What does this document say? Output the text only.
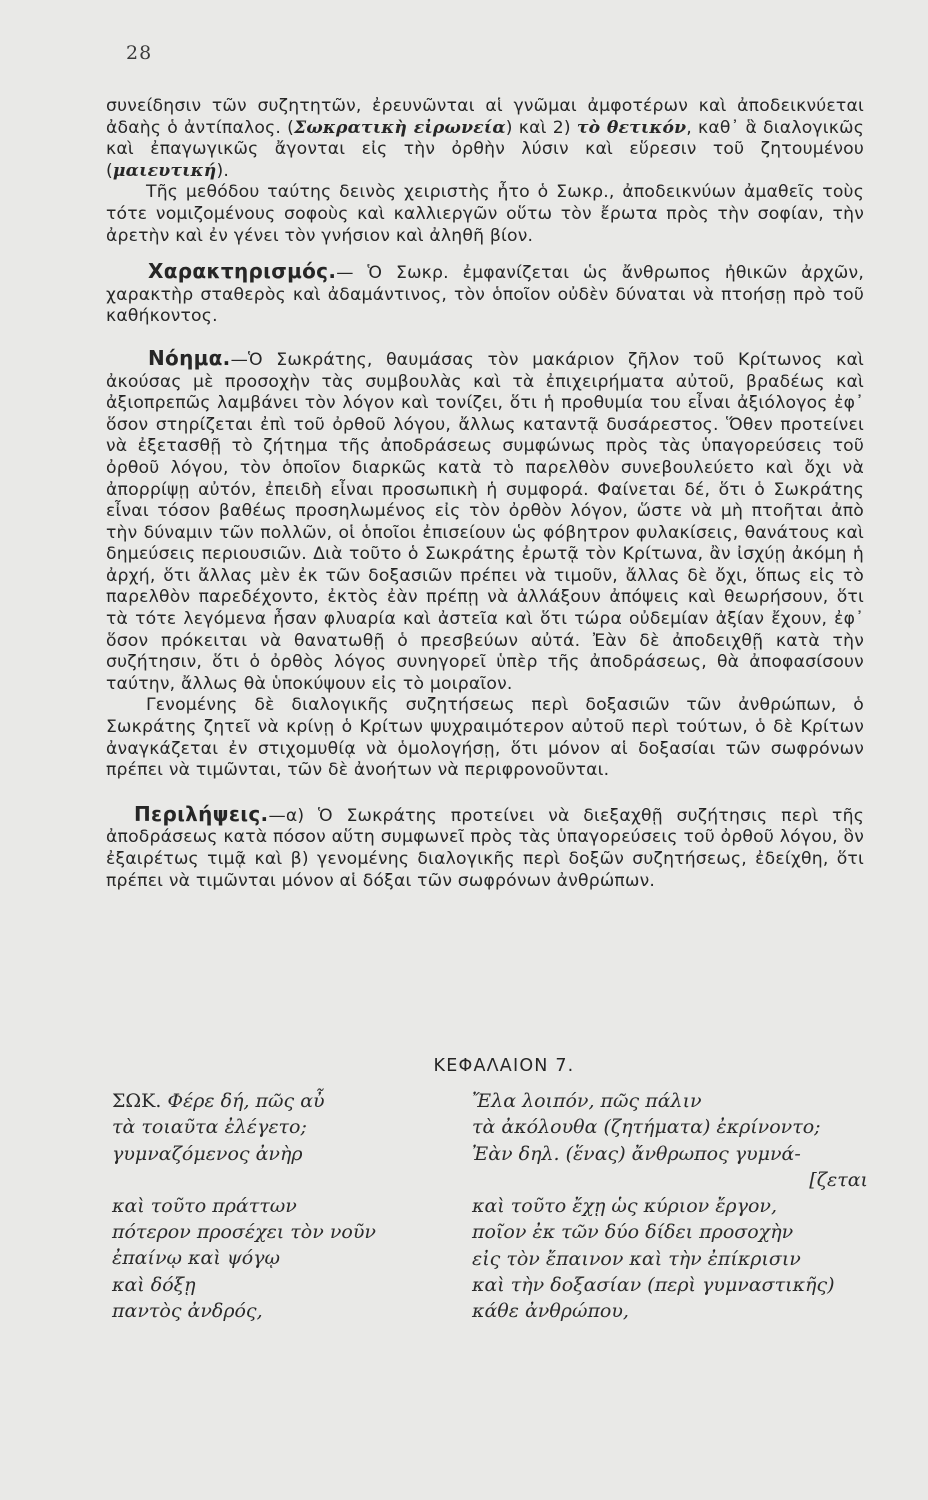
28

συνείδησιν τῶν συζητητῶν, ἐρευνῶνται αἱ γνῶμαι ἀμφοτέρων καὶ ἀποδεικνύεται ἀδαὴς ὁ ἀντίπαλος. (Σωκρατικὴ εἰρωνεία) καὶ 2) τὸ θετικόν, καθ᾽ ἃ διαλογικῶς καὶ ἐπαγωγικῶς ἄγονται εἰς τὴν ὀρθὴν λύσιν καὶ εὕρεσιν τοῦ ζητουμένου (μαιευτική).

Τῆς μεθόδου ταύτης δεινὸς χειριστὴς ἦτο ὁ Σωκρ., ἀποδεικνύων ἀμαθεῖς τοὺς τότε νομιζομένους σοφοὺς καὶ καλλιεργῶν οὕτω τὸν ἔρωτα πρὸς τὴν σοφίαν, τὴν ἀρετὴν καὶ ἐν γένει τὸν γνήσιον καὶ ἀληθῆ βίον.

Χαρακτηρισμός.— Ὁ Σωκρ. ἐμφανίζεται ὡς ἄνθρωπος ἠθικῶν ἀρχῶν, χαρακτὴρ σταθερὸς καὶ ἀδαμάντινος, τὸν ὁποῖον οὐδὲν δύναται νὰ πτοήσῃ πρὸ τοῦ καθήκοντος.

Νόημα.—Ὁ Σωκράτης, θαυμάσας τὸν μακάριον ζῆλον τοῦ Κρίτωνος καὶ ἀκούσας μὲ προσοχὴν τὰς συμβουλὰς καὶ τὰ ἐπιχειρήματα αὐτοῦ, βραδέως καὶ ἀξιοπρεπῶς λαμβάνει τὸν λόγον καὶ τονίζει, ὅτι ἡ προθυμία του εἶναι ἀξιόλογος ἐφ᾽ ὅσον στηρίζεται ἐπὶ τοῦ ὀρθοῦ λόγου, ἄλλως καταντᾷ δυσάρεστος. Ὅθεν προτείνει νὰ ἐξετασθῇ τὸ ζήτημα τῆς ἀποδράσεως συμφώνως πρὸς τὰς ὑπαγορεύσεις τοῦ ὀρθοῦ λόγου, τὸν ὁποῖον διαρκῶς κατὰ τὸ παρελθὸν συνεβουλεύετο καὶ ὄχι νὰ ἀπορρίψῃ αὐτόν, ἐπειδὴ εἶναι προσωπικὴ ἡ συμφορά. Φαίνεται δέ, ὅτι ὁ Σωκράτης εἶναι τόσον βαθέως προσηλωμένος εἰς τὸν ὀρθὸν λόγον, ὥστε νὰ μὴ πτοῆται ἀπὸ τὴν δύναμιν τῶν πολλῶν, οἱ ὁποῖοι ἐπισείουν ὡς φόβητρον φυλακίσεις, θανάτους καὶ δημεύσεις περιουσιῶν. Διὰ τοῦτο ὁ Σωκράτης ἐρωτᾷ τὸν Κρίτωνα, ἂν ἰσχύῃ ἀκόμη ἡ ἀρχή, ὅτι ἄλλας μὲν ἐκ τῶν δοξασιῶν πρέπει νὰ τιμοῦν, ἄλλας δὲ ὄχι, ὅπως εἰς τὸ παρελθὸν παρεδέχοντο, ἐκτὸς ἐὰν πρέπῃ νὰ ἀλλάξουν ἀπόψεις καὶ θεωρήσουν, ὅτι τὰ τότε λεγόμενα ἦσαν φλυαρία καὶ ἀστεῖα καὶ ὅτι τώρα οὐδεμίαν ἀξίαν ἔχουν, ἐφ᾽ ὅσον πρόκειται νὰ θανατωθῇ ὁ πρεσβεύων αὐτά. Ἐὰν δὲ ἀποδειχθῇ κατὰ τὴν συζήτησιν, ὅτι ὁ ὀρθὸς λόγος συνηγορεῖ ὑπὲρ τῆς ἀποδράσεως, θὰ ἀποφασίσουν ταύτην, ἄλλως θὰ ὑποκύψουν εἰς τὸ μοιραῖον.

Γενομένης δὲ διαλογικῆς συζητήσεως περὶ δοξασιῶν τῶν ἀνθρώπων, ὁ Σωκράτης ζητεῖ νὰ κρίνῃ ὁ Κρίτων ψυχραιμότερον αὐτοῦ περὶ τούτων, ὁ δὲ Κρίτων ἀναγκάζεται ἐν στιχομυθίᾳ νὰ ὁμολογήσῃ, ὅτι μόνον αἱ δοξασίαι τῶν σωφρόνων πρέπει νὰ τιμῶνται, τῶν δὲ ἀνοήτων νὰ περιφρονοῦνται.

Περιλήψεις.—α) Ὁ Σωκράτης προτείνει νὰ διεξαχθῇ συζήτησις περὶ τῆς ἀποδράσεως κατὰ πόσον αὕτη συμφωνεῖ πρὸς τὰς ὑπαγορεύσεις τοῦ ὀρθοῦ λόγου, ὃν ἐξαιρέτως τιμᾷ καὶ β) γενομένης διαλογικῆς περὶ δοξῶν συζητήσεως, ἐδείχθη, ὅτι πρέπει νὰ τιμῶνται μόνον αἱ δόξαι τῶν σωφρόνων ἀνθρώπων.

ΚΕΦΑΛΑΙΟΝ 7.
ΣΩΚ. Φέρε δή, πῶς αὖ
τὰ τοιαῦτα ἐλέγετο;
γυμναζόμενος ἀνὴρ
καὶ τοῦτο πράττων
πότερον προσέχει τὸν νοῦν
ἐπαίνῳ καὶ ψόγῳ
καὶ δόξῃ
παντὸς ἀνδρός,
Ἔλα λοιπόν, πῶς πάλιν
τὰ ἀκόλουθα (ζητήματα) ἐκρίνοντο;
Ἐὰν δηλ. (ἕνας) ἄνθρωπος γυμνά-
[ζεται
καὶ τοῦτο ἔχῃ ὡς κύριον ἔργον,
ποῖον ἐκ τῶν δύο δίδει προσοχὴν
εἰς τὸν ἔπαινον καὶ τὴν ἐπίκρισιν
καὶ τὴν δοξασίαν (περὶ γυμναστικῆς)
κάθε ἀνθρώπου,
